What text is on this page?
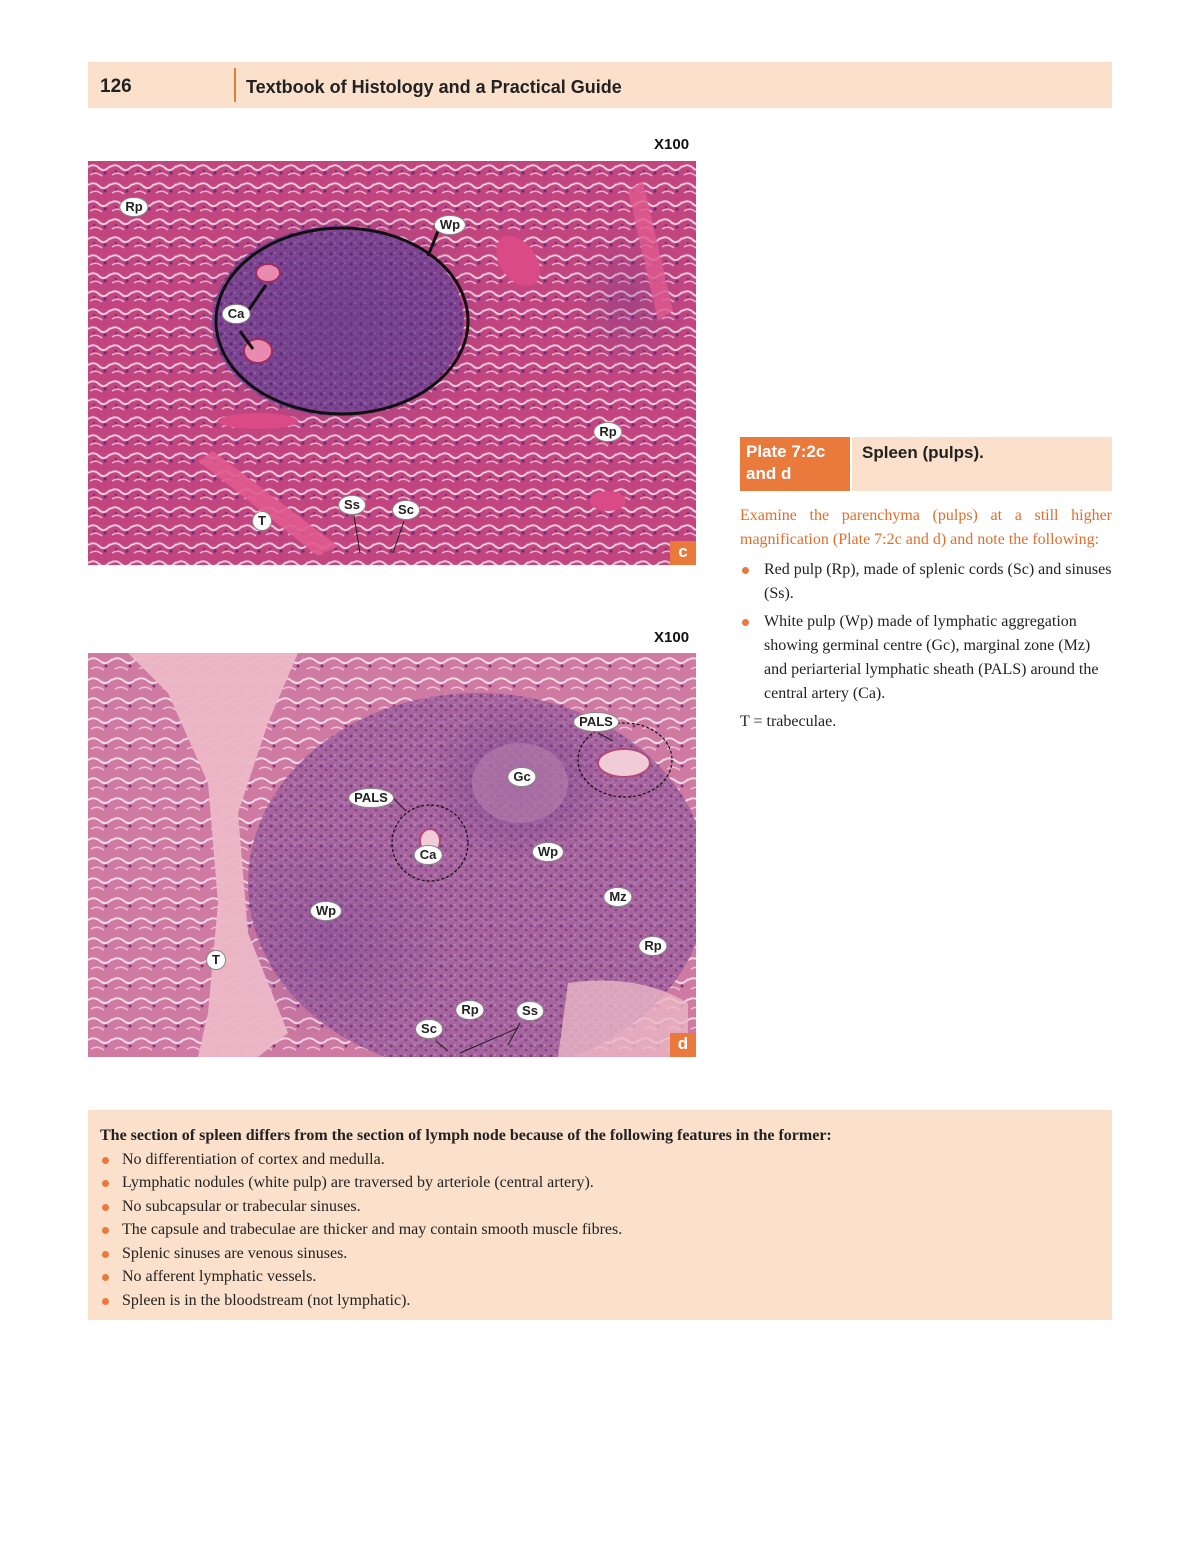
126	Textbook of Histology and a Practical Guide
X100
Rp
Wp
Ca
Rp
T
Ss	Sc
c
X100
PALS
Gc
PALS
Ca	Wp
Mz
Wp
Rp
T
Rp	Ss
Sc
d
Plate 7:2c and d
Spleen (pulps).

Examine the parenchyma (pulps) at a still higher magnification (Plate 7:2c and d) and note the following:

Red pulp (Rp), made of splenic cords (Sc) and sinuses (Ss).
White pulp (Wp) made of lymphatic aggregation showing germinal centre (Gc), marginal zone (Mz) and periarterial lymphatic sheath (PALS) around the central artery (Ca).

T = trabeculae.

The section of spleen differs from the section of lymph node because of the following features in the former:

No differentiation of cortex and medulla.
Lymphatic nodules (white pulp) are traversed by arteriole (central artery).
No subcapsular or trabecular sinuses.
The capsule and trabeculae are thicker and may contain smooth muscle fibres.
Splenic sinuses are venous sinuses.
No afferent lymphatic vessels.
Spleen is in the bloodstream (not lymphatic).
